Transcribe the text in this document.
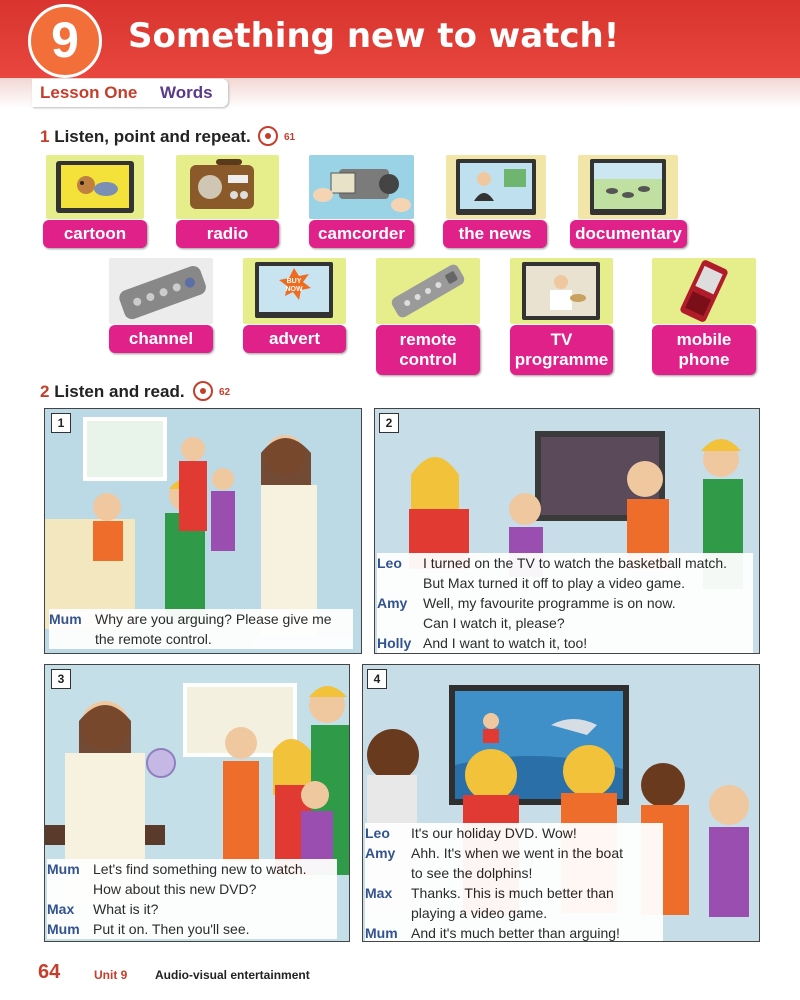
9	Something new to watch!
Lesson One Words
1 Listen, point and repeat.	61
cartoon	radio	camcorder	the news	documentary
BUY NOW
channel	advert	remote
control
TV
programme
mobile
phone
2 Listen and read.	62
1
Mum Why are you arguing? Please give me
the remote control.
2
Leo	I turned on the TV to watch the basketball match.
But Max turned it off to play a video game.
Amy	Well, my favourite programme is on now.
Can I watch it, please?
Holly And I want to watch it, too!
3
Mum Let's find something new to watch.
How about this new DVD?
Max	What is it?
Mum Put it on. Then you'll see.
4
Leo	It's our holiday DVD. Wow!
Amy	Ahh. It's when we went in the boat
to see the dolphins!
Max	Thanks. This is much better than
playing a video game.
Mum And it's much better than arguing!
64	Unit 9 Audio-visual entertainment
